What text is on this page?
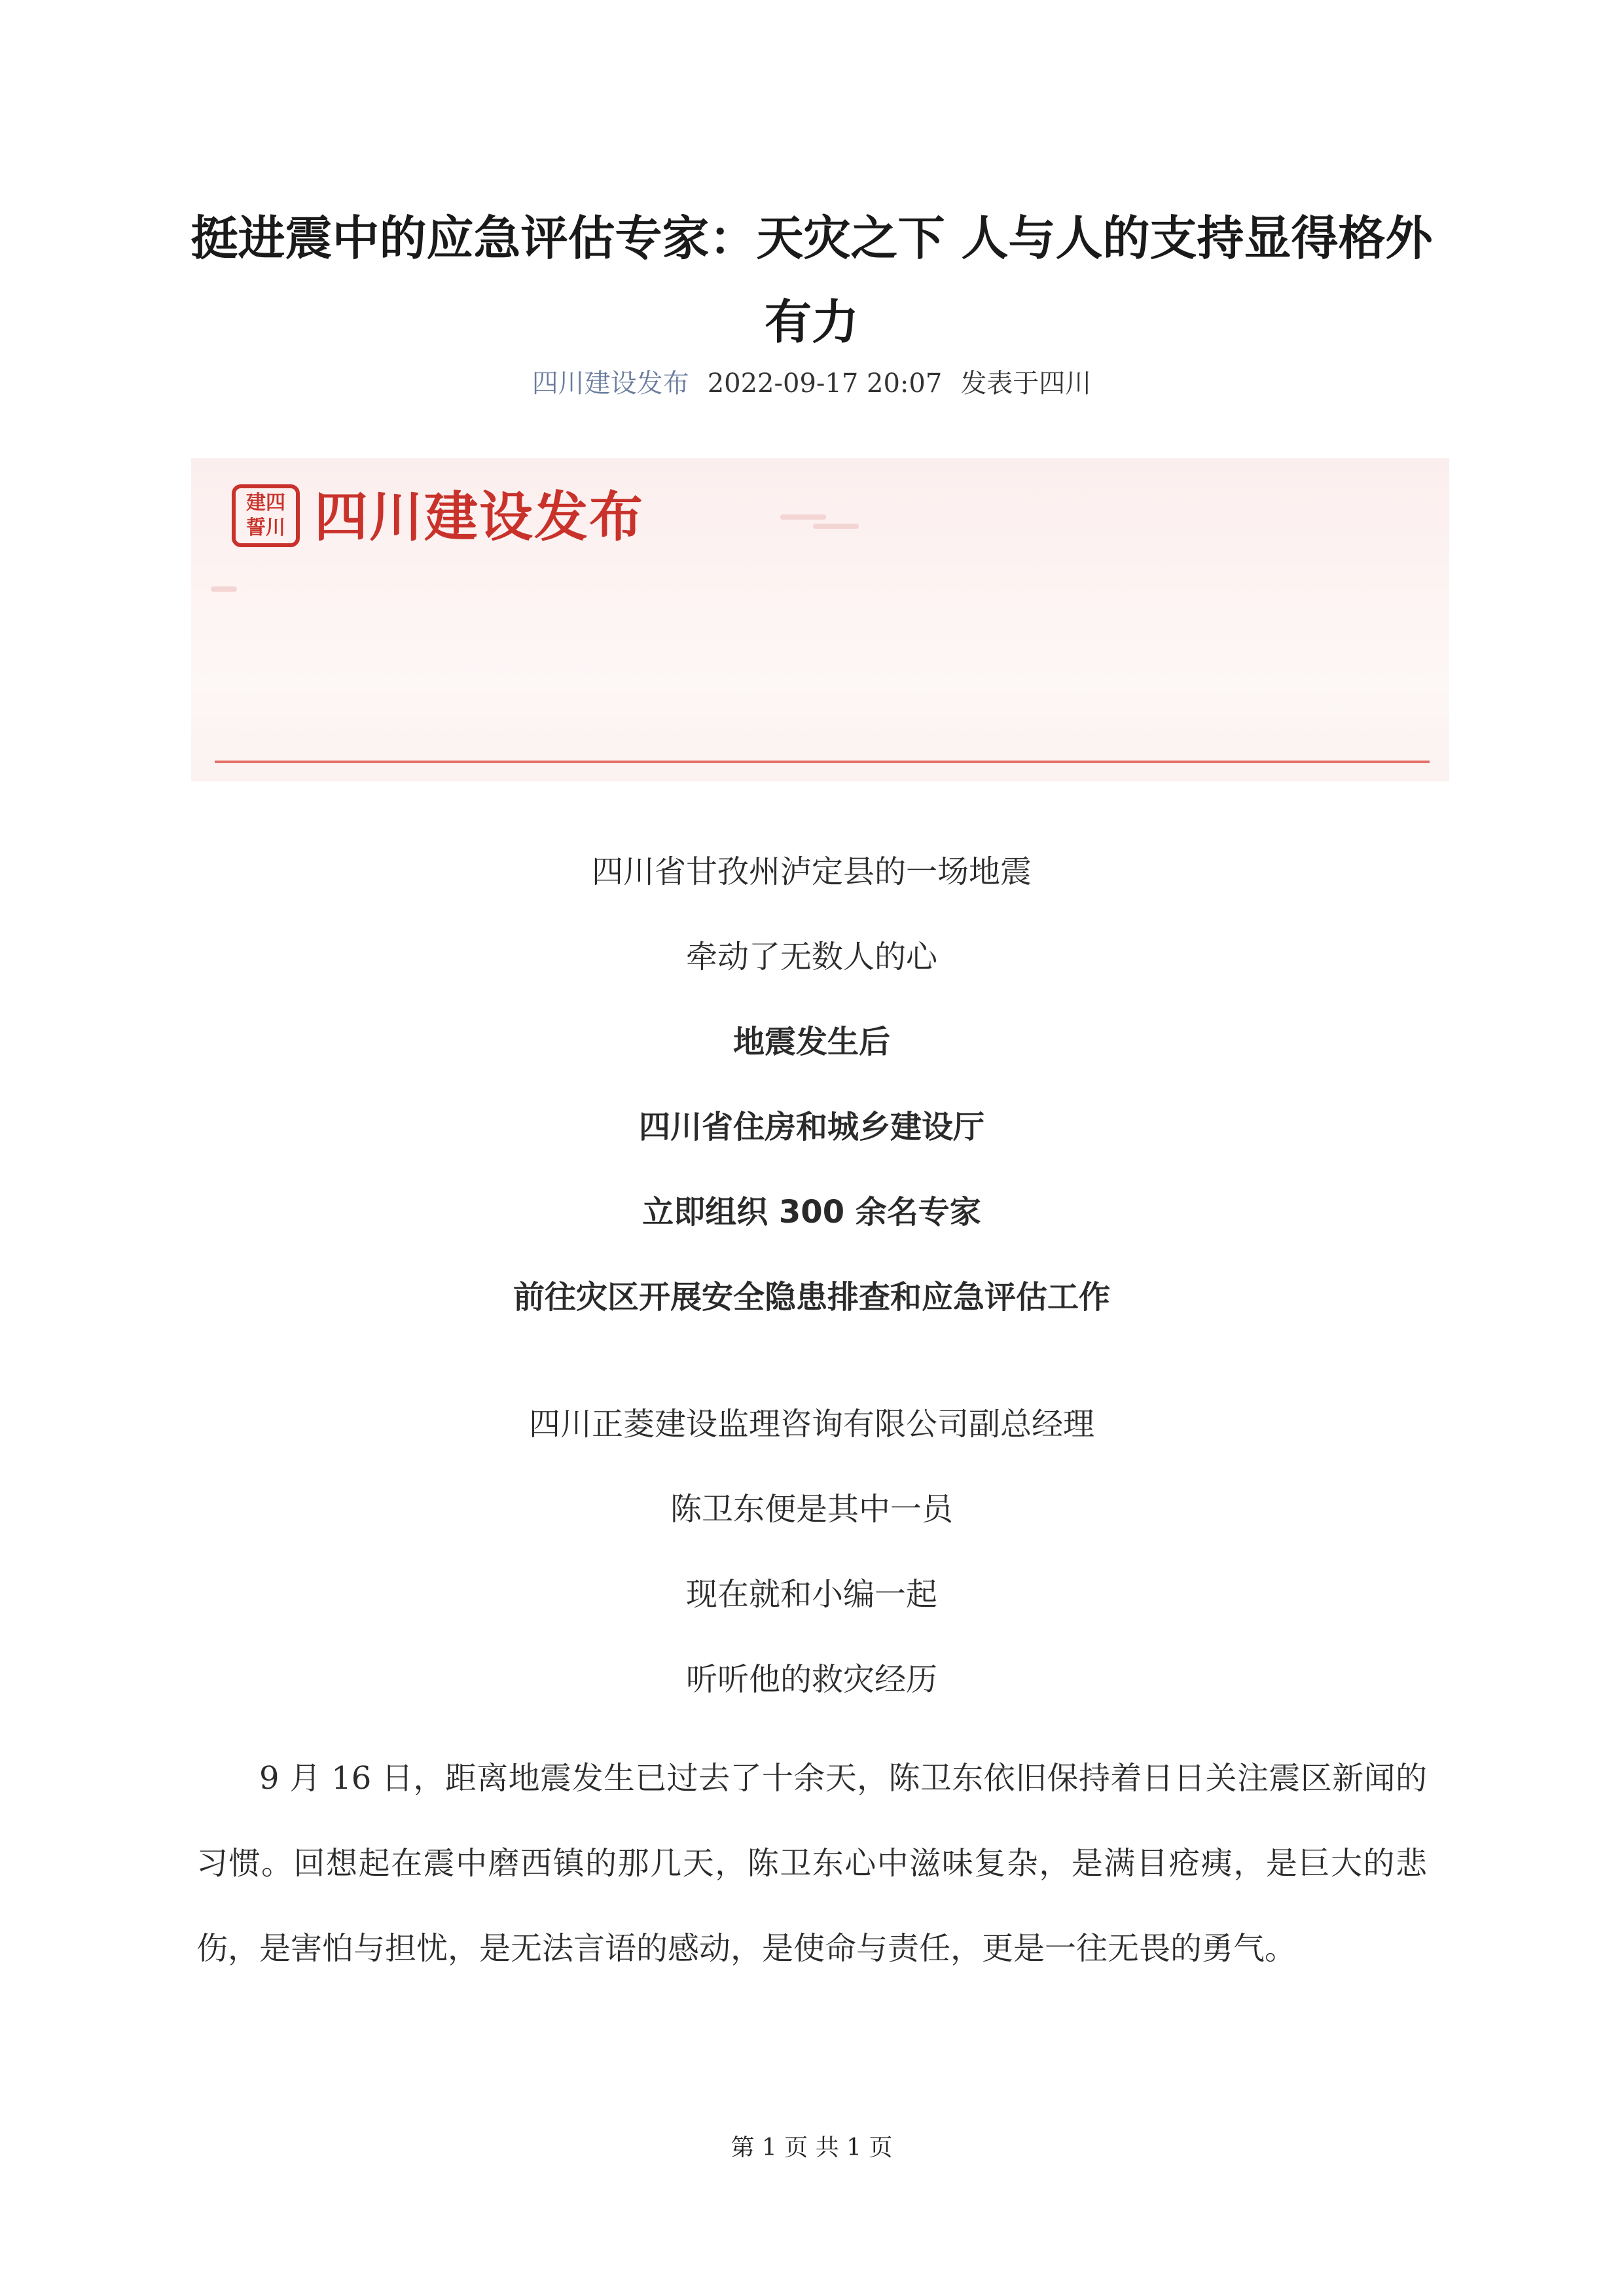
挺进震中的应急评估专家：天灾之下 人与人的支持显得格外有力
四川建设发布 2022-09-17 20:07 发表于四川
建四誓川 四川建设发布
四川省甘孜州泸定县的一场地震
牵动了无数人的心
地震发生后
四川省住房和城乡建设厅
立即组织 300 余名专家
前往灾区开展安全隐患排查和应急评估工作
四川正菱建设监理咨询有限公司副总经理
陈卫东便是其中一员
现在就和小编一起
听听他的救灾经历

9 月 16 日，距离地震发生已过去了十余天，陈卫东依旧保持着日日关注震区新闻的习惯。回想起在震中磨西镇的那几天，陈卫东心中滋味复杂，是满目疮痍，是巨大的悲伤，是害怕与担忧，是无法言语的感动，是使命与责任，更是一往无畏的勇气。

第 1 页 共 1 页
